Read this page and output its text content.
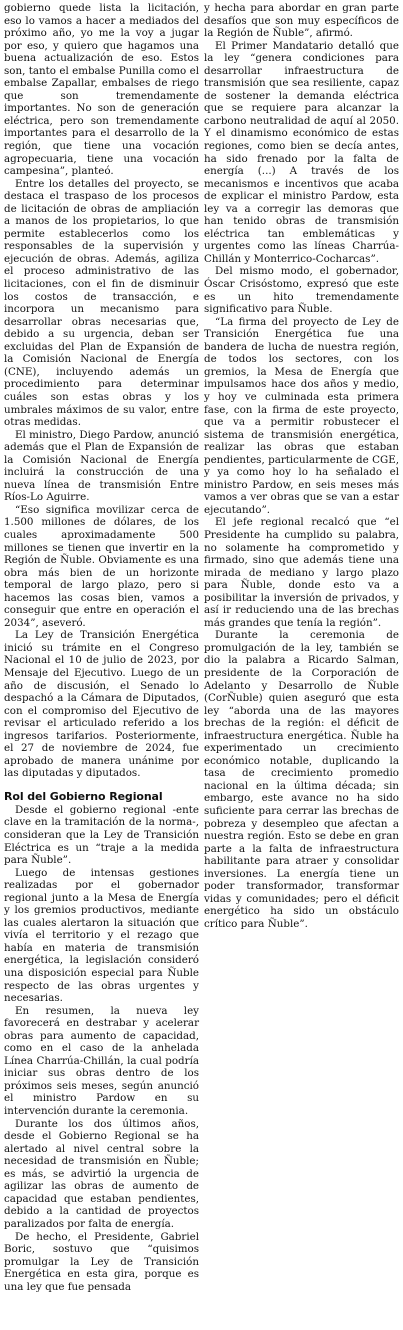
gobierno quede lista la licitación, eso lo vamos a hacer a mediados del próximo año, yo me la voy a jugar por eso, y quiero que hagamos una buena actualización de eso. Estos son, tanto el embalse Punilla como el embalse Zapallar, embalses de riego que son tremendamente importantes. No son de generación eléctrica, pero son tremendamente importantes para el desarrollo de la región, que tiene una vocación agropecuaria, tiene una vocación campesina”, planteó.

Entre los detalles del proyecto, se destaca el traspaso de los procesos de licitación de obras de ampliación a manos de los propietarios, lo que permite establecerlos como los responsables de la supervisión y ejecución de obras. Además, agiliza el proceso administrativo de las licitaciones, con el fin de disminuir los costos de transacción, e incorpora un mecanismo para desarrollar obras necesarias que, debido a su urgencia, deban ser excluidas del Plan de Expansión de la Comisión Nacional de Energía (CNE), incluyendo además un procedimiento para determinar cuáles son estas obras y los umbrales máximos de su valor, entre otras medidas.

El ministro, Diego Pardow, anunció además que el Plan de Expansión de la Comisión Nacional de Energía incluirá la construcción de una nueva línea de transmisión Entre Ríos-Lo Aguirre.

“Eso significa movilizar cerca de 1.500 millones de dólares, de los cuales aproximadamente 500 millones se tienen que invertir en la Región de Ñuble. Obviamente es una obra más bien de un horizonte temporal de largo plazo, pero si hacemos las cosas bien, vamos a conseguir que entre en operación el 2034”, aseveró.

La Ley de Transición Energética inició su trámite en el Congreso Nacional el 10 de julio de 2023, por Mensaje del Ejecutivo. Luego de un año de discusión, el Senado lo despachó a la Cámara de Diputados, con el compromiso del Ejecutivo de revisar el articulado referido a los ingresos tarifarios. Posteriormente, el 27 de noviembre de 2024, fue aprobado de manera unánime por las diputadas y diputados.

Rol del Gobierno Regional

Desde el gobierno regional -ente clave en la tramitación de la norma-, consideran que la Ley de Transición Eléctrica es un “traje a la medida para Ñuble”.

Luego de intensas gestiones realizadas por el gobernador regional junto a la Mesa de Energía y los gremios productivos, mediante las cuales alertaron la situación que vivía el territorio y el rezago que había en materia de transmisión energética, la legislación consideró una disposición especial para Ñuble respecto de las obras urgentes y necesarias.

En resumen, la nueva ley favorecerá en destrabar y acelerar obras para aumento de capacidad, como en el caso de la anhelada Línea Charrúa-Chillán, la cual podría iniciar sus obras dentro de los próximos seis meses, según anunció el ministro Pardow en su intervención durante la ceremonia.

Durante los dos últimos años, desde el Gobierno Regional se ha alertado al nivel central sobre la necesidad de transmisión en Ñuble; es más, se advirtió la urgencia de agilizar las obras de aumento de capacidad que estaban pendientes, debido a la cantidad de proyectos paralizados por falta de energía.

De hecho, el Presidente, Gabriel Boric, sostuvo que “quisimos promulgar la Ley de Transición Energética en esta gira, porque es una ley que fue pensada

y hecha para abordar en gran parte desafíos que son muy específicos de la Región de Ñuble”, afirmó.

El Primer Mandatario detalló que la ley “genera condiciones para desarrollar infraestructura de transmisión que sea resiliente, capaz de sostener la demanda eléctrica que se requiere para alcanzar la carbono neutralidad de aquí al 2050. Y el dinamismo económico de estas regiones, como bien se decía antes, ha sido frenado por la falta de energía (...) A través de los mecanismos e incentivos que acaba de explicar el ministro Pardow, esta ley va a corregir las demoras que han tenido obras de transmisión eléctrica tan emblemáticas y urgentes como las líneas Charrúa-Chillán y Monterrico-Cocharcas”.

Del mismo modo, el gobernador, Óscar Crisóstomo, expresó que este es un hito tremendamente significativo para Ñuble.

“La firma del proyecto de Ley de Transición Energética fue una bandera de lucha de nuestra región, de todos los sectores, con los gremios, la Mesa de Energía que impulsamos hace dos años y medio, y hoy ve culminada esta primera fase, con la firma de este proyecto, que va a permitir robustecer el sistema de transmisión energética, realizar las obras que estaban pendientes, particularmente de CGE, y ya como hoy lo ha señalado el ministro Pardow, en seis meses más vamos a ver obras que se van a estar ejecutando”.

El jefe regional recalcó que “el Presidente ha cumplido su palabra, no solamente ha comprometido y firmado, sino que además tiene una mirada de mediano y largo plazo para Ñuble, donde esto va a posibilitar la inversión de privados, y así ir reduciendo una de las brechas más grandes que tenía la región”.

Durante la ceremonia de promulgación de la ley, también se dio la palabra a Ricardo Salman, presidente de la Corporación de Adelanto y Desarrollo de Ñuble (CorÑuble) quien aseguró que esta ley “aborda una de las mayores brechas de la región: el déficit de infraestructura energética. Ñuble ha experimentado un crecimiento económico notable, duplicando la tasa de crecimiento promedio nacional en la última década; sin embargo, este avance no ha sido suficiente para cerrar las brechas de pobreza y desempleo que afectan a nuestra región. Esto se debe en gran parte a la falta de infraestructura habilitante para atraer y consolidar inversiones. La energía tiene un poder transformador, transformar vidas y comunidades; pero el déficit energético ha sido un obstáculo crítico para Ñuble”.
